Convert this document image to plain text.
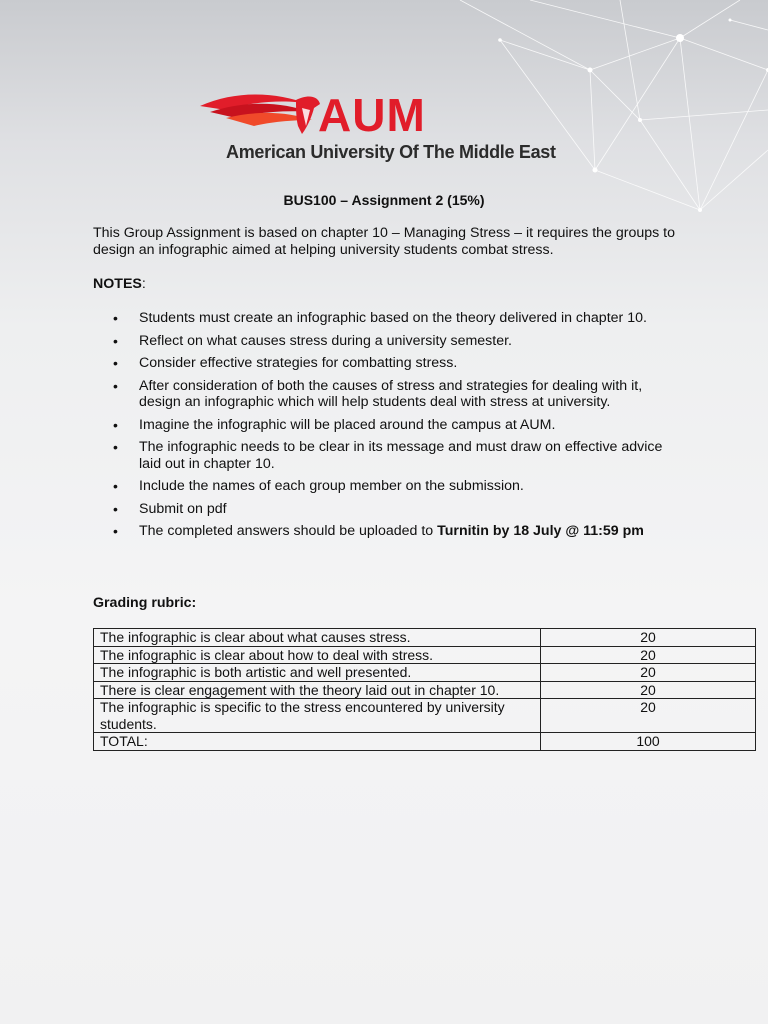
AUM
American University Of The Middle East
BUS100 – Assignment 2 (15%)
This Group Assignment is based on chapter 10 – Managing Stress – it requires the groups to design an infographic aimed at helping university students combat stress.
NOTES:
• Students must create an infographic based on the theory delivered in chapter 10.
• Reflect on what causes stress during a university semester.
• Consider effective strategies for combatting stress.
• After consideration of both the causes of stress and strategies for dealing with it, design an infographic which will help students deal with stress at university.
• Imagine the infographic will be placed around the campus at AUM.
• The infographic needs to be clear in its message and must draw on effective advice laid out in chapter 10.
• Include the names of each group member on the submission.
• Submit on pdf
• The completed answers should be uploaded to Turnitin by 18 July @ 11:59 pm
Grading rubric:
The infographic is clear about what causes stress.	20
The infographic is clear about how to deal with stress.	20
The infographic is both artistic and well presented.	20
There is clear engagement with the theory laid out in chapter 10.	20
The infographic is specific to the stress encountered by university students.	20
TOTAL:	100
